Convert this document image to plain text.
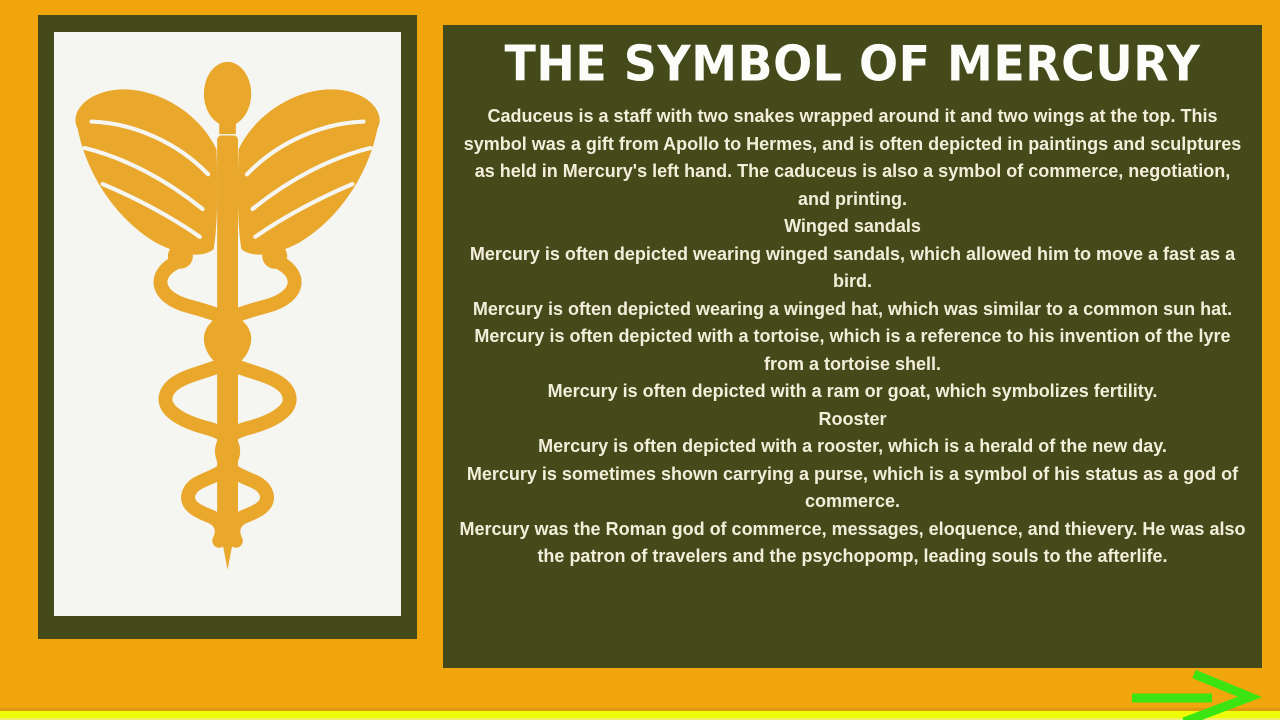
THE SYMBOL OF MERCURY

Caduceus is a staff with two snakes wrapped around it and two wings at the top. This symbol was a gift from Apollo to Hermes, and is often depicted in paintings and sculptures as held in Mercury's left hand. The caduceus is also a symbol of commerce, negotiation, and printing.

Winged sandals

Mercury is often depicted wearing winged sandals, which allowed him to move a fast as a bird.

Mercury is often depicted wearing a winged hat, which was similar to a common sun hat.

Mercury is often depicted with a tortoise, which is a reference to his invention of the lyre from a tortoise shell.

Mercury is often depicted with a ram or goat, which symbolizes fertility.

Rooster

Mercury is often depicted with a rooster, which is a herald of the new day.

Mercury is sometimes shown carrying a purse, which is a symbol of his status as a god of commerce.

Mercury was the Roman god of commerce, messages, eloquence, and thievery. He was also the patron of travelers and the psychopomp, leading souls to the afterlife.
